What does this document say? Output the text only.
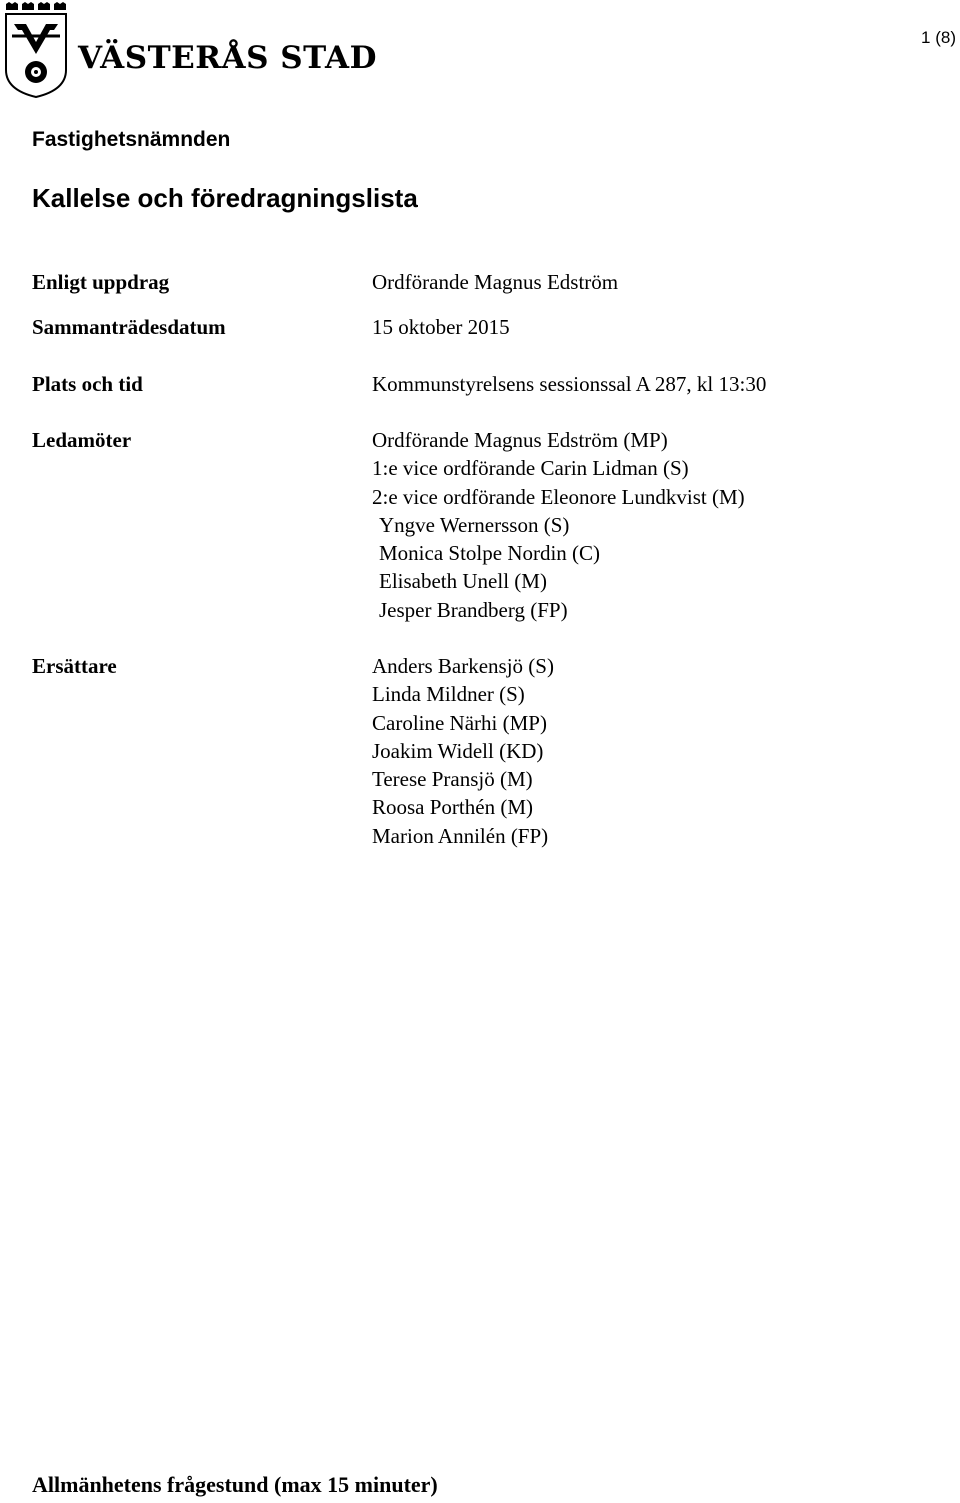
VÄSTERÅS STAD
1 (8)
Fastighetsnämnden
Kallelse och föredragningslista
Enligt uppdrag	Ordförande Magnus Edström
Sammanträdesdatum	15 oktober 2015
Plats och tid	Kommunstyrelsens sessionssal A 287, kl 13:30
Ledamöter	Ordförande Magnus Edström (MP)
1:e vice ordförande Carin Lidman (S)
2:e vice ordförande Eleonore Lundkvist (M)
Yngve Wernersson (S)
Monica Stolpe Nordin (C)
Elisabeth Unell (M)
Jesper Brandberg (FP)
Ersättare	Anders Barkensjö (S)
Linda Mildner (S)
Caroline Närhi (MP)
Joakim Widell (KD)
Terese Pransjö (M)
Roosa Porthén (M)
Marion Annilén (FP)
Allmänhetens frågestund (max 15 minuter)
